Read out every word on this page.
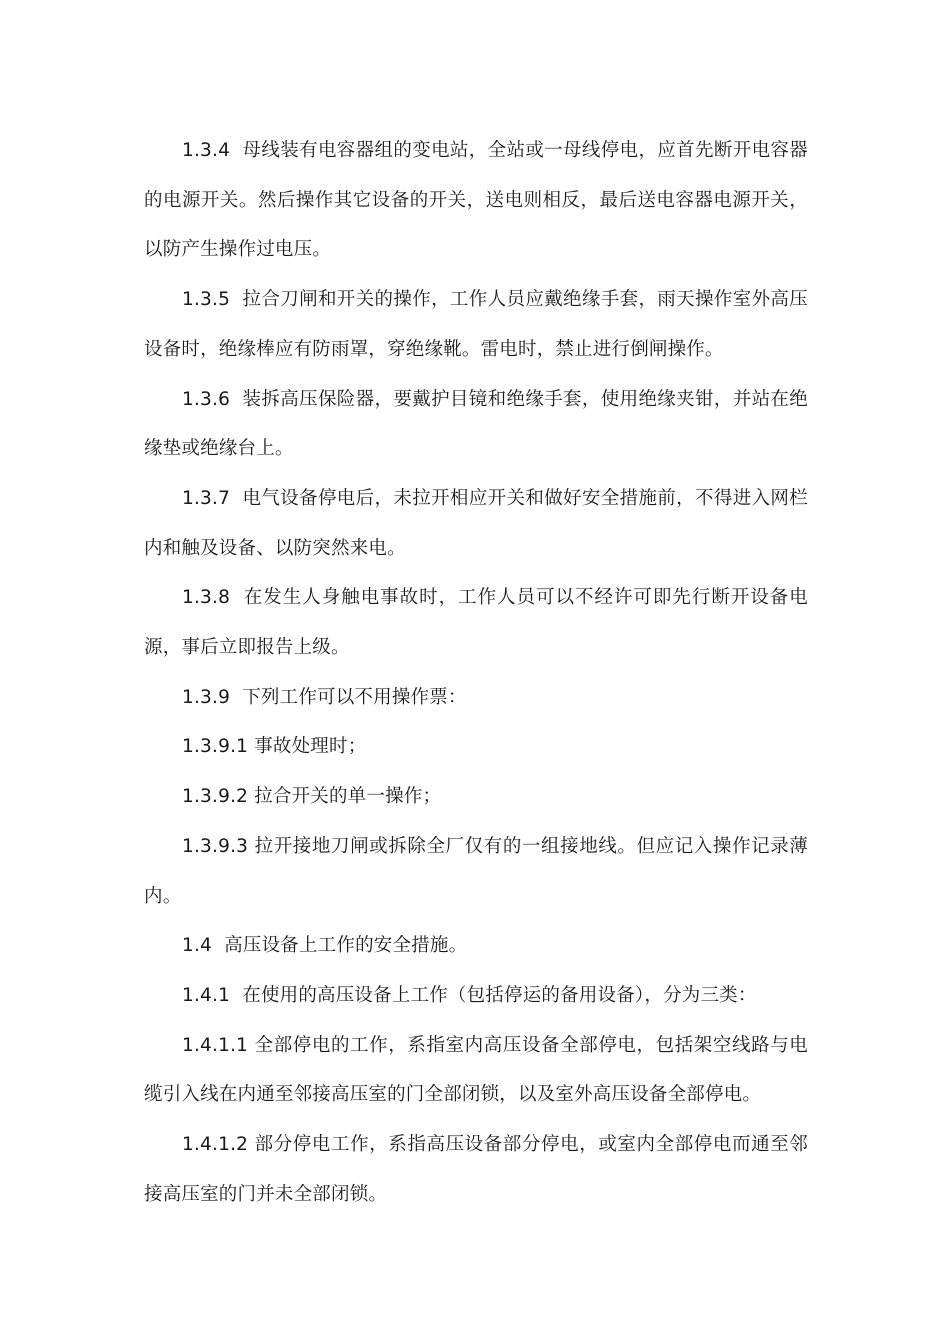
1.3.4  母线装有电容器组的变电站，全站或一母线停电，应首先断开电容器的电源开关。然后操作其它设备的开关，送电则相反，最后送电容器电源开关，以防产生操作过电压。

1.3.5  拉合刀闸和开关的操作，工作人员应戴绝缘手套，雨天操作室外高压设备时，绝缘棒应有防雨罩，穿绝缘靴。雷电时，禁止进行倒闸操作。

1.3.6  装拆高压保险器，要戴护目镜和绝缘手套，使用绝缘夹钳，并站在绝缘垫或绝缘台上。

1.3.7  电气设备停电后，未拉开相应开关和做好安全措施前，不得进入网栏内和触及设备、以防突然来电。

1.3.8  在发生人身触电事故时，工作人员可以不经许可即先行断开设备电源，事后立即报告上级。

1.3.9  下列工作可以不用操作票：

1.3.9.1 事故处理时；

1.3.9.2 拉合开关的单一操作；

1.3.9.3 拉开接地刀闸或拆除全厂仅有的一组接地线。但应记入操作记录薄内。

1.4  高压设备上工作的安全措施。

1.4.1  在使用的高压设备上工作（包括停运的备用设备），分为三类：

1.4.1.1 全部停电的工作，系指室内高压设备全部停电，包括架空线路与电缆引入线在内通至邻接高压室的门全部闭锁，以及室外高压设备全部停电。

1.4.1.2 部分停电工作，系指高压设备部分停电，或室内全部停电而通至邻接高压室的门并未全部闭锁。
